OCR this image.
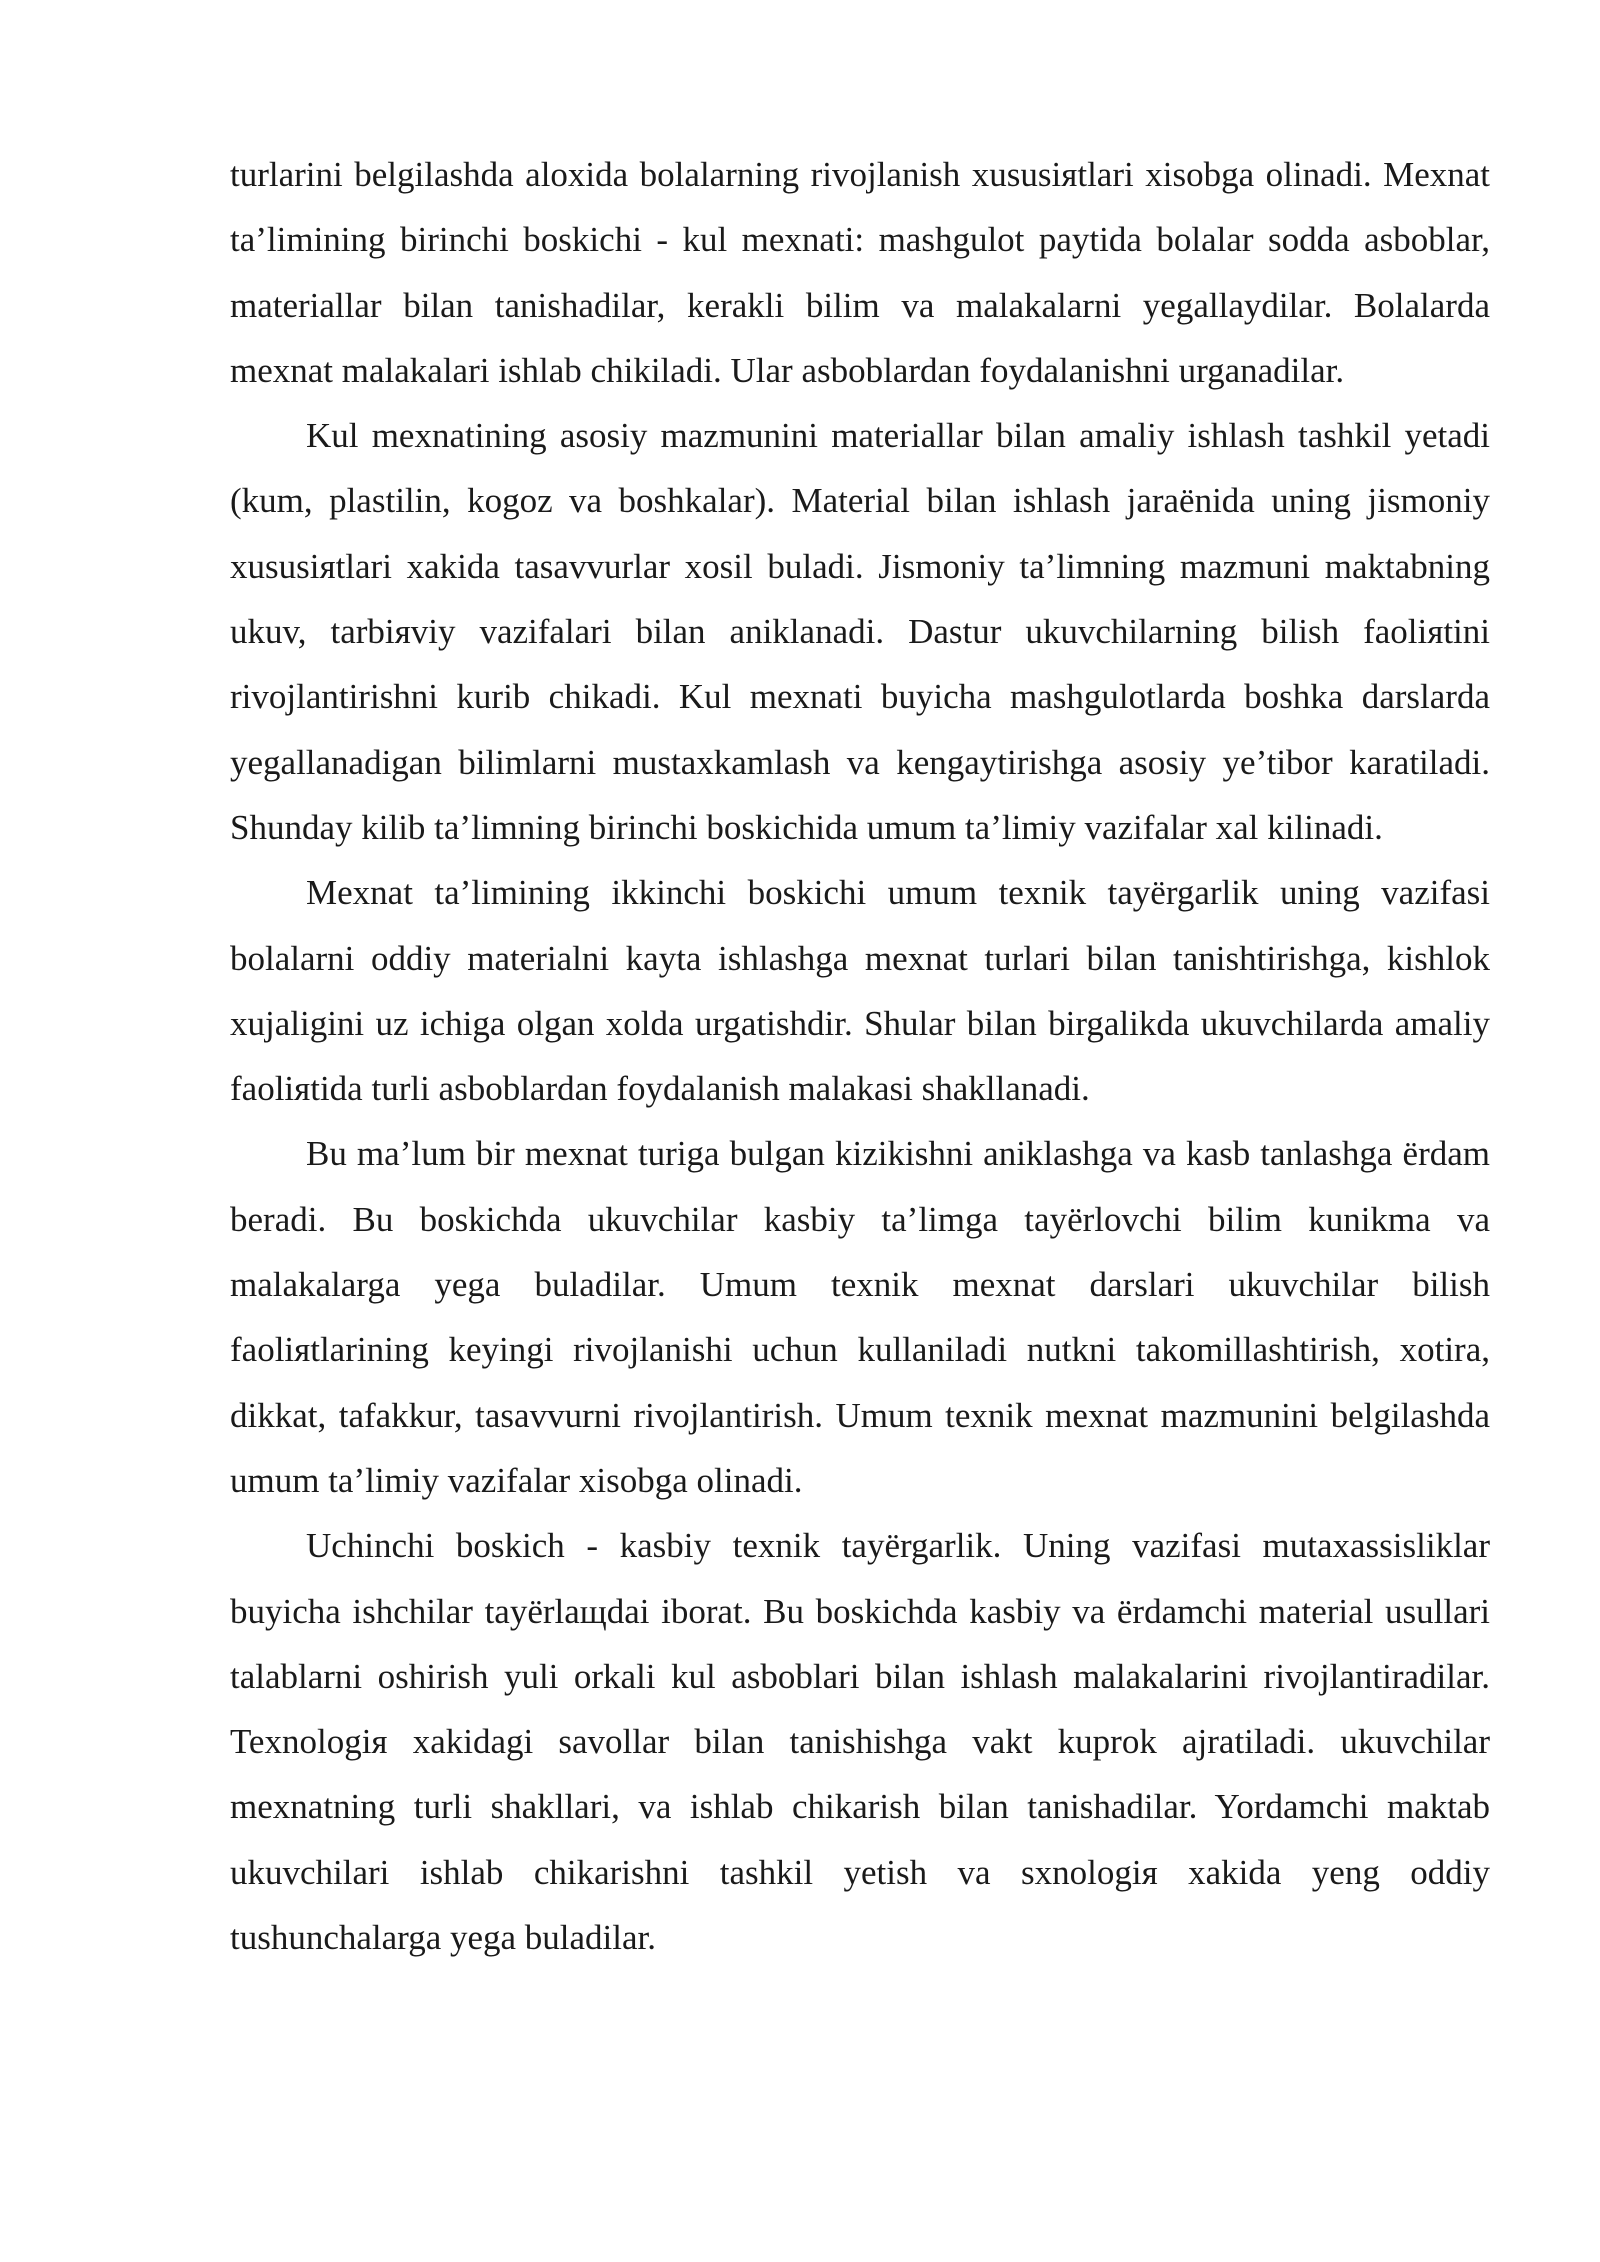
turlarini belgilashda aloxida bolalarning rivojlanish xususiяtlari xisobga olinadi. Mexnat ta’limining birinchi boskichi - kul mexnati: mashgulot paytida bolalar sodda asboblar, materiallar bilan tanishadilar, kerakli bilim va malakalarni yegallaydilar. Bolalarda mexnat malakalari ishlab chikiladi. Ular asboblardan foydalanishni urganadilar.

Kul mexnatining asosiy mazmunini materiallar bilan amaliy ishlash tashkil yetadi (kum, plastilin, kogoz va boshkalar). Material bilan ishlash jaraёnida uning jismoniy xususiяtlari xakida tasavvurlar xosil buladi. Jismoniy ta’limning mazmuni maktabning ukuv, tarbiяviy vazifalari bilan aniklanadi. Dastur ukuvchilarning bilish faoliяtini rivojlantirishni kurib chikadi. Kul mexnati buyicha mashgulotlarda boshka darslarda yegallanadigan bilimlarni mustaxkamlash va kengaytirishga asosiy ye’tibor karatiladi. Shunday kilib ta’limning birinchi boskichida umum ta’limiy vazifalar xal kilinadi.

Mexnat ta’limining ikkinchi boskichi umum texnik tayёrgarlik uning vazifasi bolalarni oddiy materialni kayta ishlashga mexnat turlari bilan tanishtirishga, kishlok xujaligini uz ichiga olgan xolda urgatishdir. Shular bilan birgalikda ukuvchilarda amaliy faoliяtida turli asboblardan foydalanish malakasi shakllanadi.

Bu ma’lum bir mexnat turiga bulgan kizikishni aniklashga va kasb tanlashga ёrdam beradi. Bu boskichda ukuvchilar kasbiy ta’limga tayёrlovchi bilim kunikma va malakalarga yega buladilar. Umum texnik mexnat darslari ukuvchilar bilish faoliяtlarining keyingi rivojlanishi uchun kullaniladi nutkni takomillashtirish, xotira, dikkat, tafakkur, tasavvurni rivojlantirish. Umum texnik mexnat mazmunini belgilashda umum ta’limiy vazifalar xisobga olinadi.

Uchinchi boskich - kasbiy texnik tayёrgarlik. Uning vazifasi mutaxassisliklar buyicha ishchilar tayёrlaщdai iborat. Bu boskichda kasbiy va ёrdamchi material usullari talablarni oshirish yuli orkali kul asboblari bilan ishlash malakalarini rivojlantiradilar. Texnologiя xakidagi savollar bilan tanishishga vakt kuprok ajratiladi. ukuvchilar mexnatning turli shakllari, va ishlab chikarish bilan tanishadilar. Yordamchi maktab ukuvchilari ishlab chikarishni tashkil yetish va sxnologiя xakida yeng oddiy tushunchalarga yega buladilar.
